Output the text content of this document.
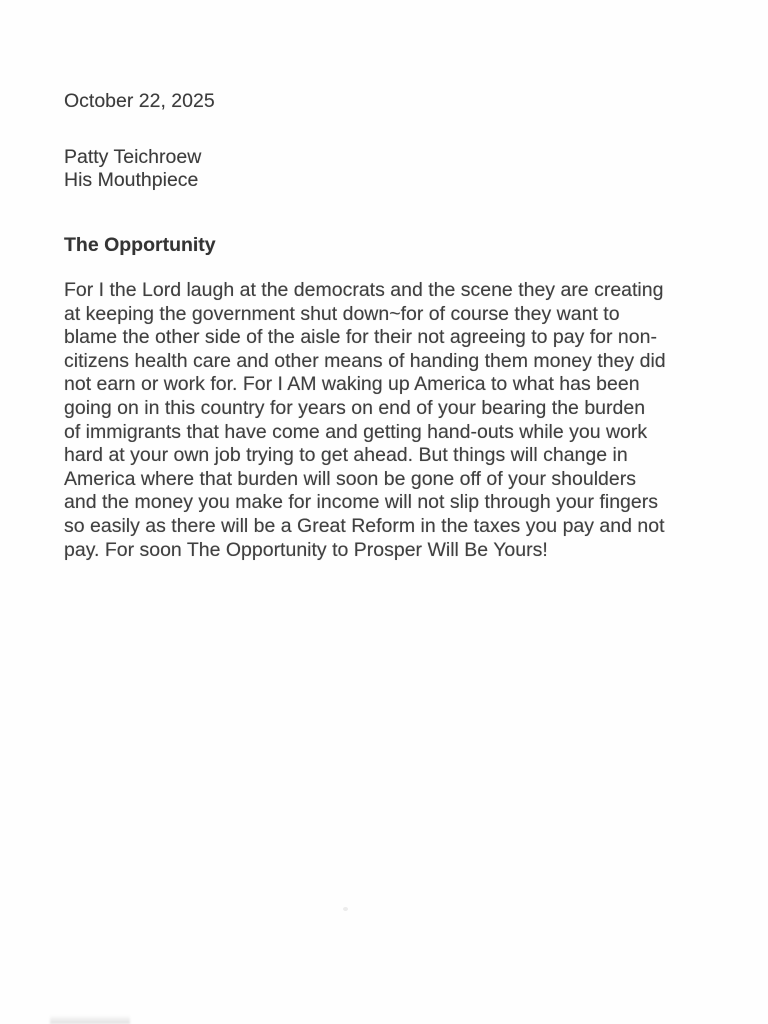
October 22, 2025
Patty Teichroew
His Mouthpiece
The Opportunity
For I the Lord laugh at the democrats and the scene they are creating
at keeping the government shut down~for of course they want to
blame the other side of the aisle for their not agreeing to pay for non-
citizens health care and other means of handing them money they did
not earn or work for. For I AM waking up America to what has been
going on in this country for years on end of your bearing the burden
of immigrants that have come and getting hand-outs while you work
hard at your own job trying to get ahead. But things will change in
America where that burden will soon be gone off of your shoulders
and the money you make for income will not slip through your fingers
so easily as there will be a Great Reform in the taxes you pay and not
pay. For soon The Opportunity to Prosper Will Be Yours!
